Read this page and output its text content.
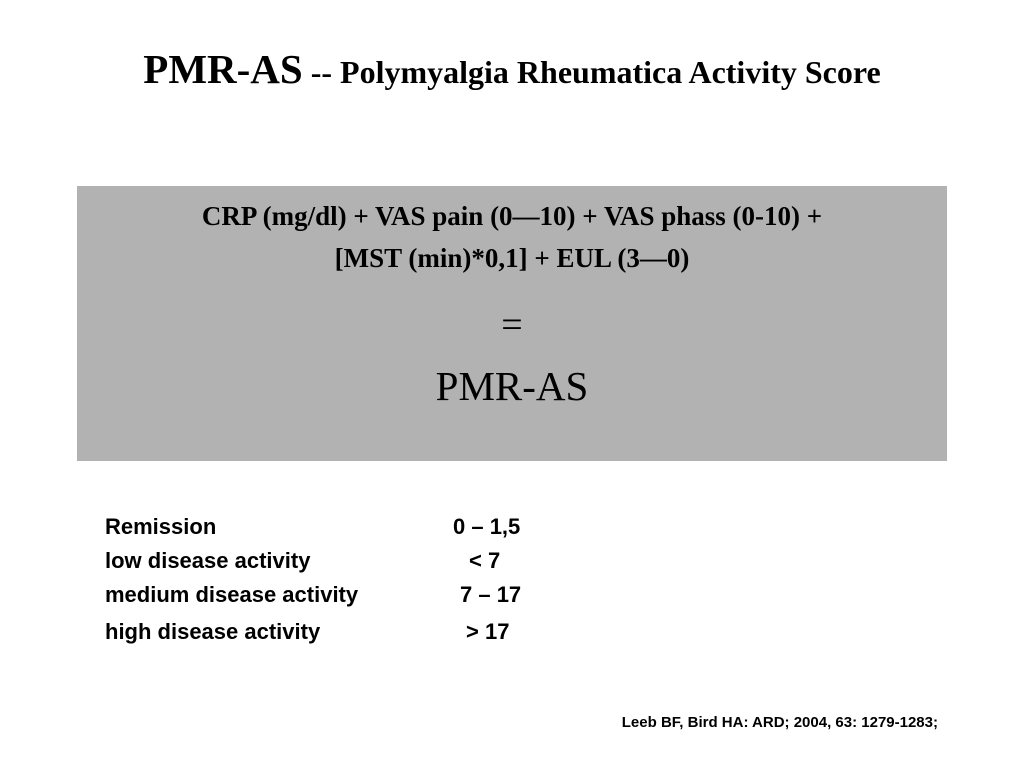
PMR-AS -- Polymyalgia Rheumatica Activity Score
CRP (mg/dl) + VAS pain (0—10) + VAS phass (0-10) +
[MST (min)*0,1] + EUL (3—0)
=
PMR-AS
Remission	0 – 1,5
low disease activity	< 7
medium disease activity	7 – 17
high disease activity	> 17
Leeb BF, Bird HA: ARD; 2004, 63: 1279-1283;
